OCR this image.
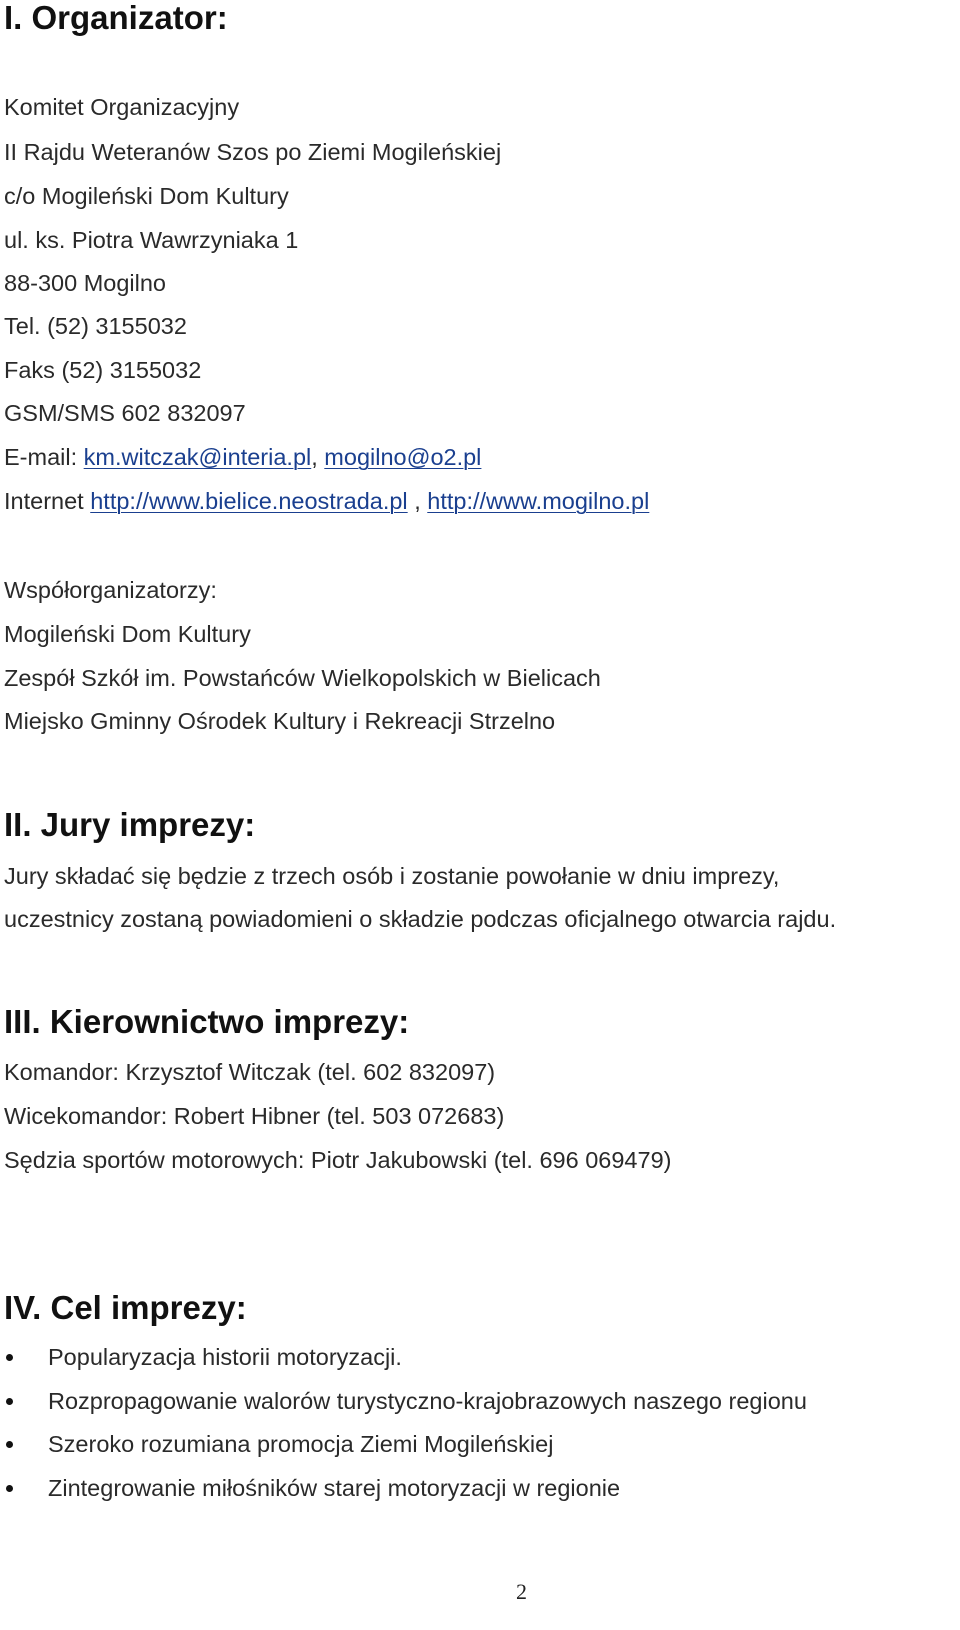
I. Organizator:

Komitet Organizacyjny

II Rajdu Weteranów Szos po Ziemi Mogileńskiej

c/o Mogileński Dom Kultury

ul. ks. Piotra Wawrzyniaka 1

88-300 Mogilno

Tel. (52) 3155032

Faks (52) 3155032

GSM/SMS 602 832097

E-mail: km.witczak@interia.pl, mogilno@o2.pl

Internet http://www.bielice.neostrada.pl , http://www.mogilno.pl

Współorganizatorzy:

Mogileński Dom Kultury

Zespół Szkół im. Powstańców Wielkopolskich w Bielicach

Miejsko Gminny Ośrodek Kultury i Rekreacji Strzelno

II. Jury imprezy:

Jury składać się będzie z trzech osób i zostanie powołanie w dniu imprezy,

uczestnicy zostaną powiadomieni o składzie podczas oficjalnego otwarcia rajdu.

III. Kierownictwo imprezy:

Komandor: Krzysztof Witczak (tel. 602 832097)

Wicekomandor: Robert Hibner (tel. 503 072683)

Sędzia sportów motorowych: Piotr Jakubowski (tel. 696 069479)

IV. Cel imprezy:
Popularyzacja historii motoryzacji.
Rozpropagowanie walorów turystyczno-krajobrazowych naszego regionu
Szeroko rozumiana promocja Ziemi Mogileńskiej
Zintegrowanie miłośników starej motoryzacji w regionie
2
